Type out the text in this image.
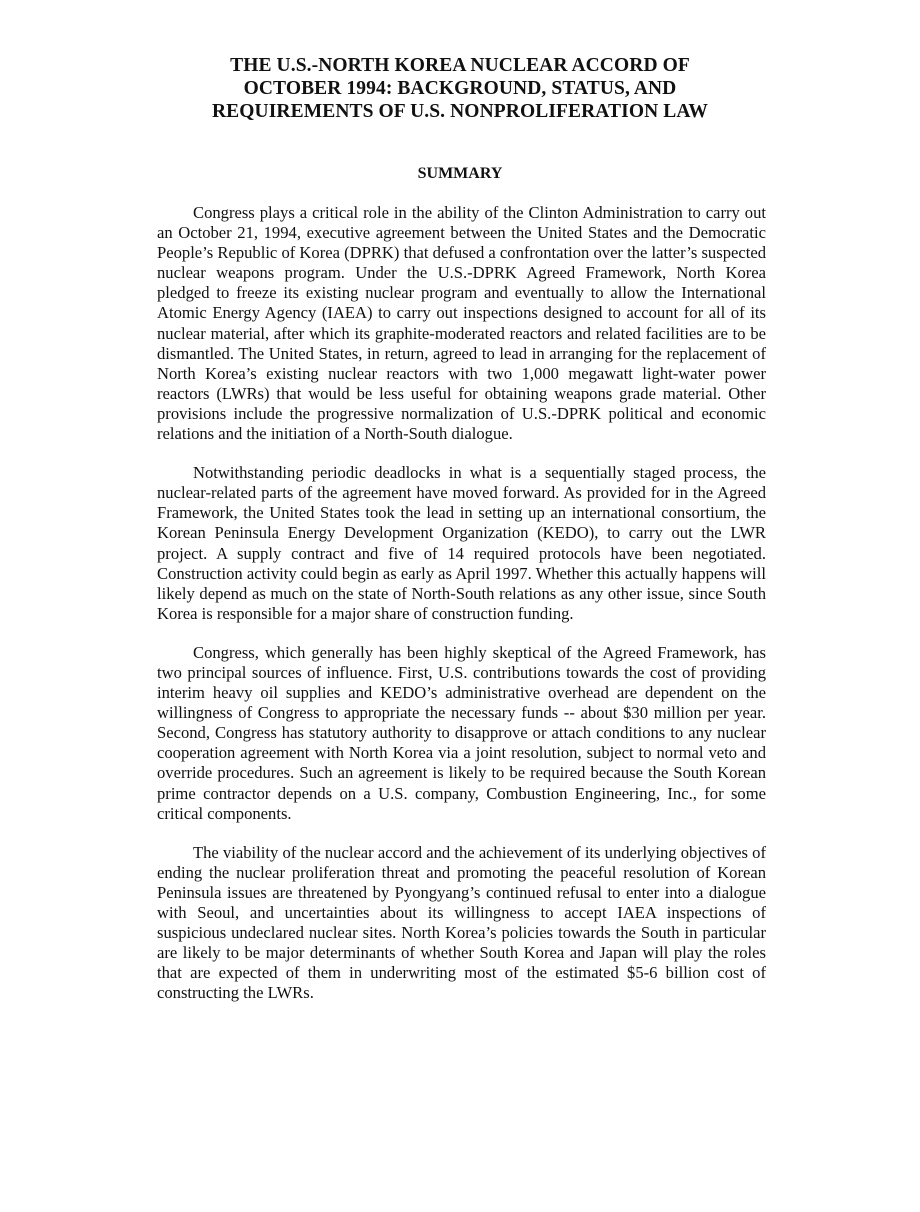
THE U.S.-NORTH KOREA NUCLEAR ACCORD OF
OCTOBER 1994: BACKGROUND, STATUS, AND
REQUIREMENTS OF U.S. NONPROLIFERATION LAW
SUMMARY

Congress plays a critical role in the ability of the Clinton Administration to carry out an October 21, 1994, executive agreement between the United States and the Democratic People’s Republic of Korea (DPRK) that defused a confrontation over the latter’s suspected nuclear weapons program. Under the U.S.-DPRK Agreed Framework, North Korea pledged to freeze its existing nuclear program and eventually to allow the International Atomic Energy Agency (IAEA) to carry out inspections designed to account for all of its nuclear material, after which its graphite-moderated reactors and related facilities are to be dismantled. The United States, in return, agreed to lead in arranging for the replacement of North Korea’s existing nuclear reactors with two 1,000 megawatt light-water power reactors (LWRs) that would be less useful for obtaining weapons grade material. Other provisions include the progressive normalization of U.S.-DPRK political and economic relations and the initiation of a North-South dialogue.

Notwithstanding periodic deadlocks in what is a sequentially staged process, the nuclear-related parts of the agreement have moved forward. As provided for in the Agreed Framework, the United States took the lead in setting up an international consortium, the Korean Peninsula Energy Development Organization (KEDO), to carry out the LWR project. A supply contract and five of 14 required protocols have been negotiated. Construction activity could begin as early as April 1997. Whether this actually happens will likely depend as much on the state of North-South relations as any other issue, since South Korea is responsible for a major share of construction funding.

Congress, which generally has been highly skeptical of the Agreed Framework, has two principal sources of influence. First, U.S. contributions towards the cost of providing interim heavy oil supplies and KEDO’s administrative overhead are dependent on the willingness of Congress to appropriate the necessary funds -- about $30 million per year. Second, Congress has statutory authority to disapprove or attach conditions to any nuclear cooperation agreement with North Korea via a joint resolution, subject to normal veto and override procedures. Such an agreement is likely to be required because the South Korean prime contractor depends on a U.S. company, Combustion Engineering, Inc., for some critical components.

The viability of the nuclear accord and the achievement of its underlying objectives of ending the nuclear proliferation threat and promoting the peaceful resolution of Korean Peninsula issues are threatened by Pyongyang’s continued refusal to enter into a dialogue with Seoul, and uncertainties about its willingness to accept IAEA inspections of suspicious undeclared nuclear sites. North Korea’s policies towards the South in particular are likely to be major determinants of whether South Korea and Japan will play the roles that are expected of them in underwriting most of the estimated $5-6 billion cost of constructing the LWRs.
